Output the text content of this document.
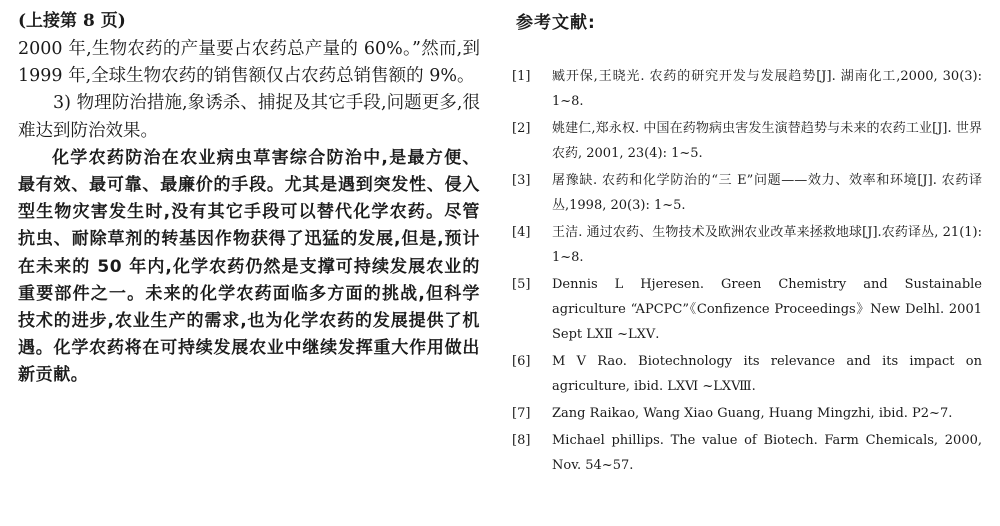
(上接第 8 页)

2000 年,生物农药的产量要占农药总产量的 60%。”然而,到 1999 年,全球生物农药的销售额仅占农药总销售额的 9%。

3) 物理防治措施,象诱杀、捕捉及其它手段,问题更多,很难达到防治效果。

化学农药防治在农业病虫草害综合防治中,是最方便、最有效、最可靠、最廉价的手段。尤其是遇到突发性、侵入型生物灾害发生时,没有其它手段可以替代化学农药。尽管抗虫、耐除草剂的转基因作物获得了迅猛的发展,但是,预计在未来的 50 年内,化学农药仍然是支撑可持续发展农业的重要部件之一。未来的化学农药面临多方面的挑战,但科学技术的进步,农业生产的需求,也为化学农药的发展提供了机遇。化学农药将在可持续发展农业中继续发挥重大作用做出新贡献。

参考文献:
[1]	臧开保,王晓光. 农药的研究开发与发展趋势[J]. 湖南化工,2000, 30(3): 1~8.
[2]	姚建仁,郑永权. 中国在药物病虫害发生演替趋势与未来的农药工业[J]. 世界农药, 2001, 23(4): 1~5.
[3]	屠豫缺. 农药和化学防治的“三 E”问题——效力、效率和环境[J]. 农药译丛,1998, 20(3): 1~5.
[4]	王洁. 通过农药、生物技术及欧洲农业改革来拯救地球[J].农药译丛, 21(1): 1~8.
[5]	Dennis L Hjeresen. Green Chemistry and Sustainable agriculture “APCPC”《Confizence Proceedings》New Delhl. 2001 Sept LXⅡ ~LXⅤ.
[6]	M V Rao. Biotechnology its relevance and its impact on agriculture, ibid. LXⅥ ~LXⅧ.
[7]	Zang Raikao, Wang Xiao Guang, Huang Mingzhi, ibid. P2~7.
[8]	Michael phillips. The value of Biotech. Farm Chemicals, 2000, Nov. 54~57.
